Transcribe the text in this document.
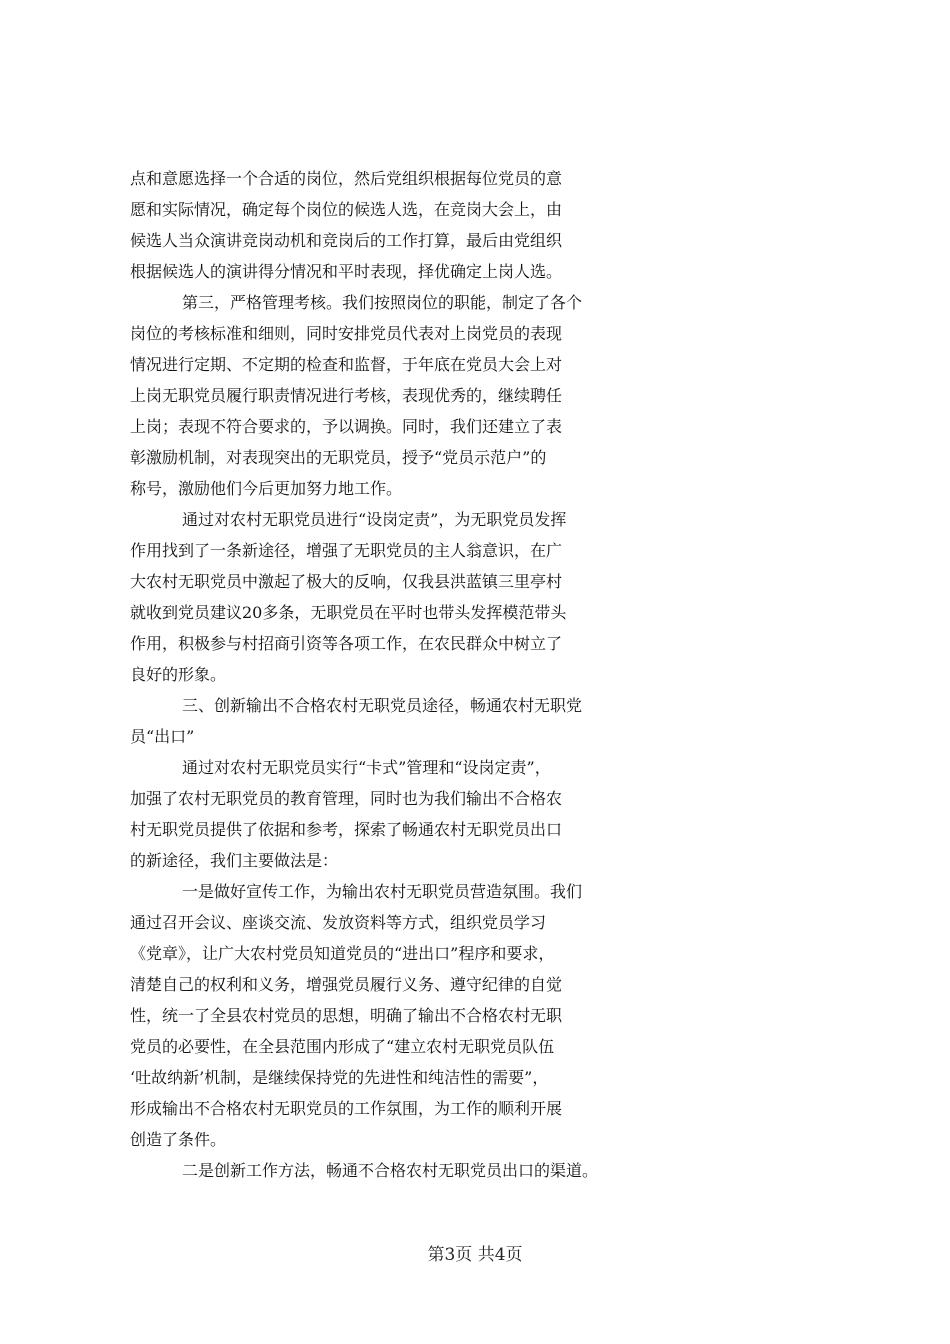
点和意愿选择一个合适的岗位，然后党组织根据每位党员的意
愿和实际情况，确定每个岗位的候选人选，在竞岗大会上，由
候选人当众演讲竞岗动机和竞岗后的工作打算，最后由党组织
根据候选人的演讲得分情况和平时表现，择优确定上岗人选。
第三，严格管理考核。我们按照岗位的职能，制定了各个
岗位的考核标准和细则，同时安排党员代表对上岗党员的表现
情况进行定期、不定期的检查和监督，于年底在党员大会上对
上岗无职党员履行职责情况进行考核，表现优秀的，继续聘任
上岗；表现不符合要求的，予以调换。同时，我们还建立了表
彰激励机制，对表现突出的无职党员，授予“党员示范户”的
称号，激励他们今后更加努力地工作。
通过对农村无职党员进行“设岗定责”，为无职党员发挥
作用找到了一条新途径，增强了无职党员的主人翁意识，在广
大农村无职党员中激起了极大的反响，仅我县洪蓝镇三里亭村
就收到党员建议20多条，无职党员在平时也带头发挥模范带头
作用，积极参与村招商引资等各项工作，在农民群众中树立了
良好的形象。
三、创新输出不合格农村无职党员途径，畅通农村无职党
员“出口”
通过对农村无职党员实行“卡式”管理和“设岗定责”，
加强了农村无职党员的教育管理，同时也为我们输出不合格农
村无职党员提供了依据和参考，探索了畅通农村无职党员出口
的新途径，我们主要做法是：
一是做好宣传工作，为输出农村无职党员营造氛围。我们
通过召开会议、座谈交流、发放资料等方式，组织党员学习
《党章》，让广大农村党员知道党员的“进出口”程序和要求，
清楚自己的权利和义务，增强党员履行义务、遵守纪律的自觉
性，统一了全县农村党员的思想，明确了输出不合格农村无职
党员的必要性，在全县范围内形成了“建立农村无职党员队伍
‘吐故纳新’机制，是继续保持党的先进性和纯洁性的需要”，
形成输出不合格农村无职党员的工作氛围，为工作的顺利开展
创造了条件。
二是创新工作方法，畅通不合格农村无职党员出口的渠道。
第3页 共4页
